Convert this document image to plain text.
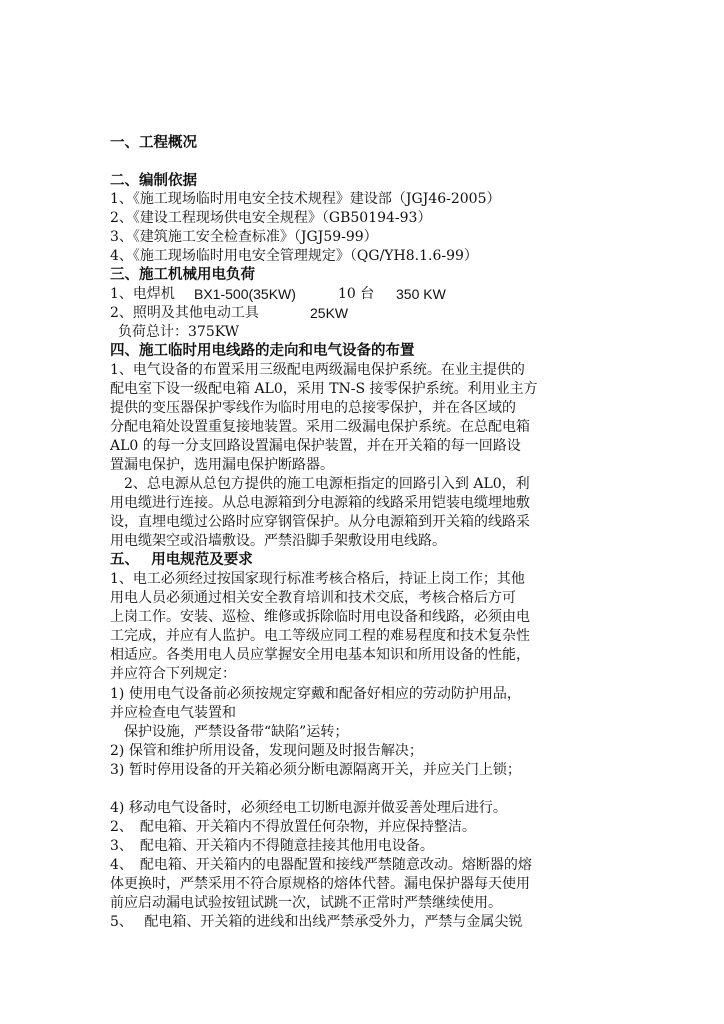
一、工程概况
二、编制依据
1、《施工现场临时用电安全技术规程》建设部（JGJ46-2005）
2、《建设工程现场供电安全规程》（GB50194-93）
3、《建筑施工安全检查标准》（JGJ59-99）
4、《施工现场临时用电安全管理规定》（QG/YH8.1.6-99）
三、施工机械用电负荷
1、电焊机 BX1-500(35KW)	10 台 350 KW
2、照明及其他电动工具	25KW
负荷总计：375KW
四、施工临时用电线路的走向和电气设备的布置
1、电气设备的布置采用三级配电两级漏电保护系统。在业主提供的
配电室下设一级配电箱 AL0，采用 TN-S 接零保护系统。利用业主方
提供的变压器保护零线作为临时用电的总接零保护，并在各区域的
分配电箱处设置重复接地装置。采用二级漏电保护系统。在总配电箱
AL0 的每一分支回路设置漏电保护装置，并在开关箱的每一回路设
置漏电保护，选用漏电保护断路器。
　2、总电源从总包方提供的施工电源柜指定的回路引入到 AL0，利
用电缆进行连接。从总电源箱到分电源箱的线路采用铠装电缆埋地敷
设，直埋电缆过公路时应穿钢管保护。从分电源箱到开关箱的线路采
用电缆架空或沿墙敷设。严禁沿脚手架敷设用电线路。
五、　 用电规范及要求
1、电工必须经过按国家现行标准考核合格后，持证上岗工作；其他
用电人员必须通过相关安全教育培训和技术交底，考核合格后方可
上岗工作。安装、巡检、维修或拆除临时用电设备和线路，必须由电
工完成，并应有人监护。电工等级应同工程的难易程度和技术复杂性
相适应。各类用电人员应掌握安全用电基本知识和所用设备的性能，
并应符合下列规定：
1) 使用电气设备前必须按规定穿戴和配备好相应的劳动防护用品，
并应检查电气装置和
　保护设施，严禁设备带“缺陷”运转；
2) 保管和维护所用设备，发现问题及时报告解决；
3) 暂时停用设备的开关箱必须分断电源隔离开关，并应关门上锁；
4) 移动电气设备时，必须经电工切断电源并做妥善处理后进行。
2、　配电箱、开关箱内不得放置任何杂物，并应保持整洁。
3、　配电箱、开关箱内不得随意挂接其他用电设备。
4、　配电箱、开关箱内的电器配置和接线严禁随意改动。熔断器的熔
体更换时，严禁采用不符合原规格的熔体代替。漏电保护器每天使用
前应启动漏电试验按钮试跳一次，试跳不正常时严禁继续使用。
5、　 配电箱、开关箱的进线和出线严禁承受外力，严禁与金属尖锐
